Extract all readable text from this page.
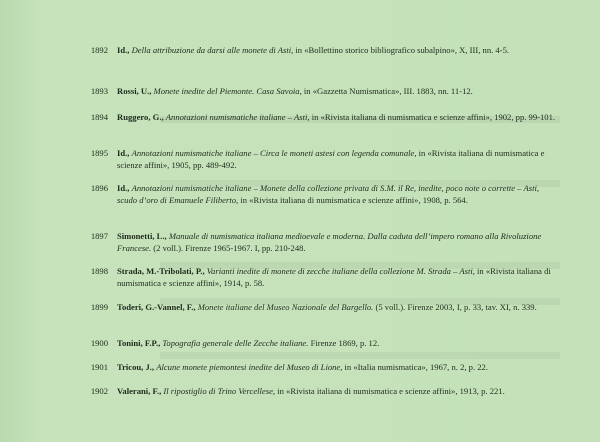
1892 Id., Della attribuzione da darsi alle monete di Asti, in «Bollettino storico bibliografico subalpino», X, III, nn. 4-5.
1893 Rossi, U., Monete inedite del Piemonte. Casa Savoia, in «Gazzetta Numismatica», III. 1883, nn. 11-12.
1894 Ruggero, G., Annotazioni numismatiche italiane – Asti, in «Rivista italiana di numismatica e scienze affini», 1902, pp. 99-101.
1895 Id., Annotazioni numismatiche italiane – Circa le moneti astesi con legenda comunale, in «Rivista italiana di numismatica e scienze affini», 1905, pp. 489-492.
1896 Id., Annotazioni numismatiche italiane – Monete della collezione privata di S.M. il Re, inedite, poco note o corrette – Asti, scudo d’oro di Emanuele Filiberto, in «Rivista italiana di numismatica e scienze affini», 1908, p. 564.
1897 Simonetti, L., Manuale di numismatica italiana medioevale e moderna. Dalla caduta dell’impero romano alla Rivoluzione Francese. (2 voll.). Firenze 1965-1967. I, pp. 210-248.
1898 Strada, M.-Tribolati, P., Varianti inedite di monete di zecche italiane della collezione M. Strada – Asti, in «Rivista italiana di numismatica e scienze affini», 1914, p. 58.
1899 Toderi, G.-Vannel, F., Monete italiane del Museo Nazionale del Bargello. (5 voll.). Firenze 2003, I, p. 33, tav. XI, n. 339.
1900 Tonini, F.P., Topografia generale delle Zecche italiane. Firenze 1869, p. 12.
1901 Tricou, J., Alcune monete piemontesi inedite del Museo di Lione, in «Italia numismatica», 1967, n. 2, p. 22.
1902 Valerani, F., Il ripostiglio di Trino Vercellese, in «Rivista italiana di numismatica e scienze affini», 1913, p. 221.
